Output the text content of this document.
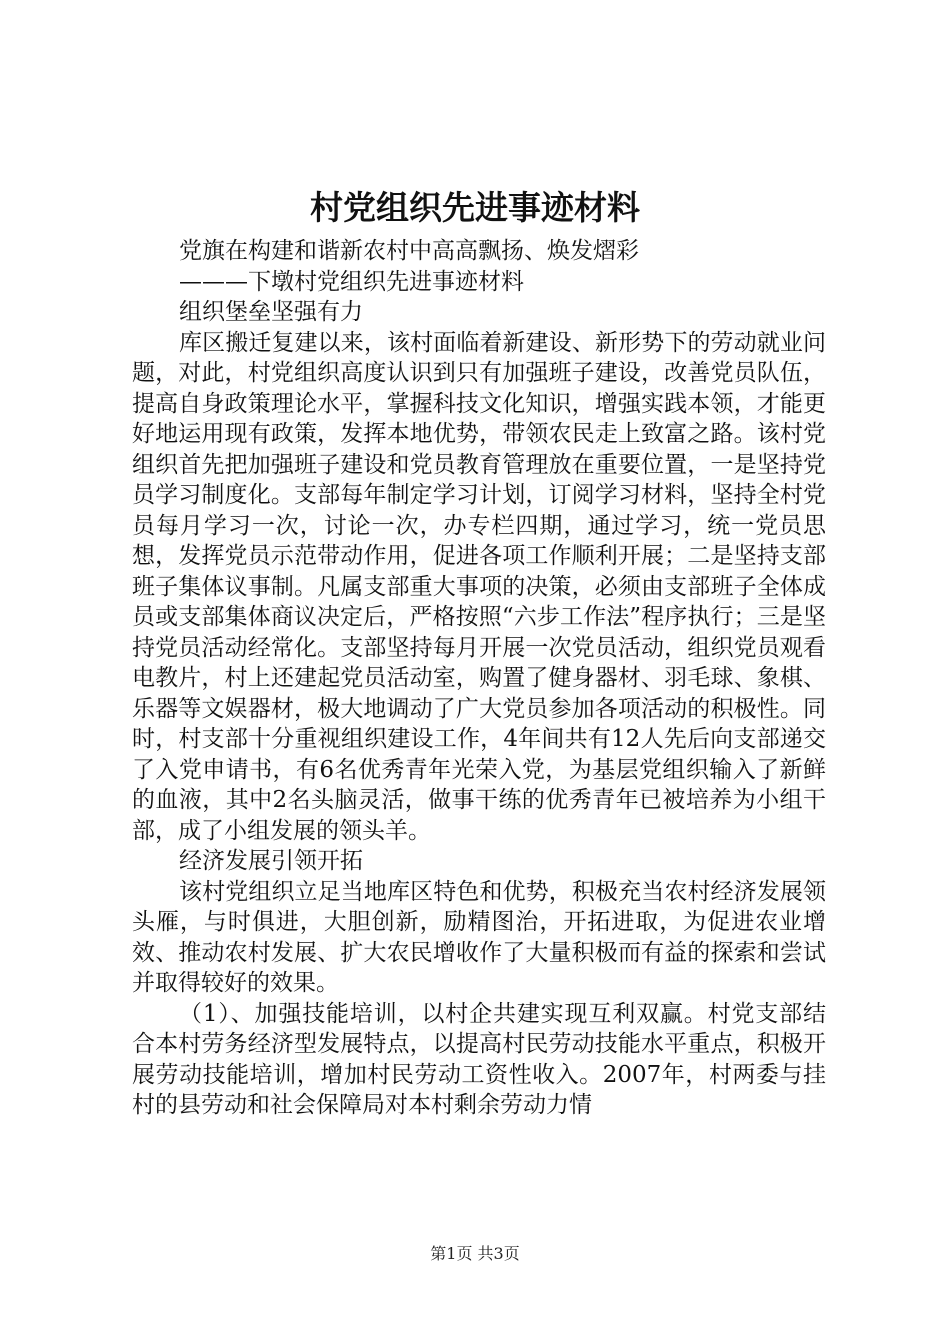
村党组织先进事迹材料

党旗在构建和谐新农村中高高飘扬、焕发熠彩

———下墩村党组织先进事迹材料

组织堡垒坚强有力

库区搬迁复建以来，该村面临着新建设、新形势下的劳动就业问题，对此，村党组织高度认识到只有加强班子建设，改善党员队伍，提高自身政策理论水平，掌握科技文化知识，增强实践本领，才能更好地运用现有政策，发挥本地优势，带领农民走上致富之路。该村党组织首先把加强班子建设和党员教育管理放在重要位置，一是坚持党员学习制度化。支部每年制定学习计划，订阅学习材料，坚持全村党员每月学习一次，讨论一次，办专栏四期，通过学习，统一党员思想，发挥党员示范带动作用，促进各项工作顺利开展；二是坚持支部班子集体议事制。凡属支部重大事项的决策，必须由支部班子全体成员或支部集体商议决定后，严格按照“六步工作法”程序执行；三是坚持党员活动经常化。支部坚持每月开展一次党员活动，组织党员观看电教片，村上还建起党员活动室，购置了健身器材、羽毛球、象棋、乐器等文娱器材，极大地调动了广大党员参加各项活动的积极性。同时，村支部十分重视组织建设工作，4年间共有12人先后向支部递交了入党申请书，有6名优秀青年光荣入党，为基层党组织输入了新鲜的血液，其中2名头脑灵活，做事干练的优秀青年已被培养为小组干部，成了小组发展的领头羊。

经济发展引领开拓

该村党组织立足当地库区特色和优势，积极充当农村经济发展领头雁，与时俱进，大胆创新，励精图治，开拓进取，为促进农业增效、推动农村发展、扩大农民增收作了大量积极而有益的探索和尝试并取得较好的效果。

（1）、加强技能培训，以村企共建实现互利双赢。村党支部结合本村劳务经济型发展特点，以提高村民劳动技能水平重点，积极开展劳动技能培训，增加村民劳动工资性收入。2007年，村两委与挂村的县劳动和社会保障局对本村剩余劳动力情

第1页 共3页
